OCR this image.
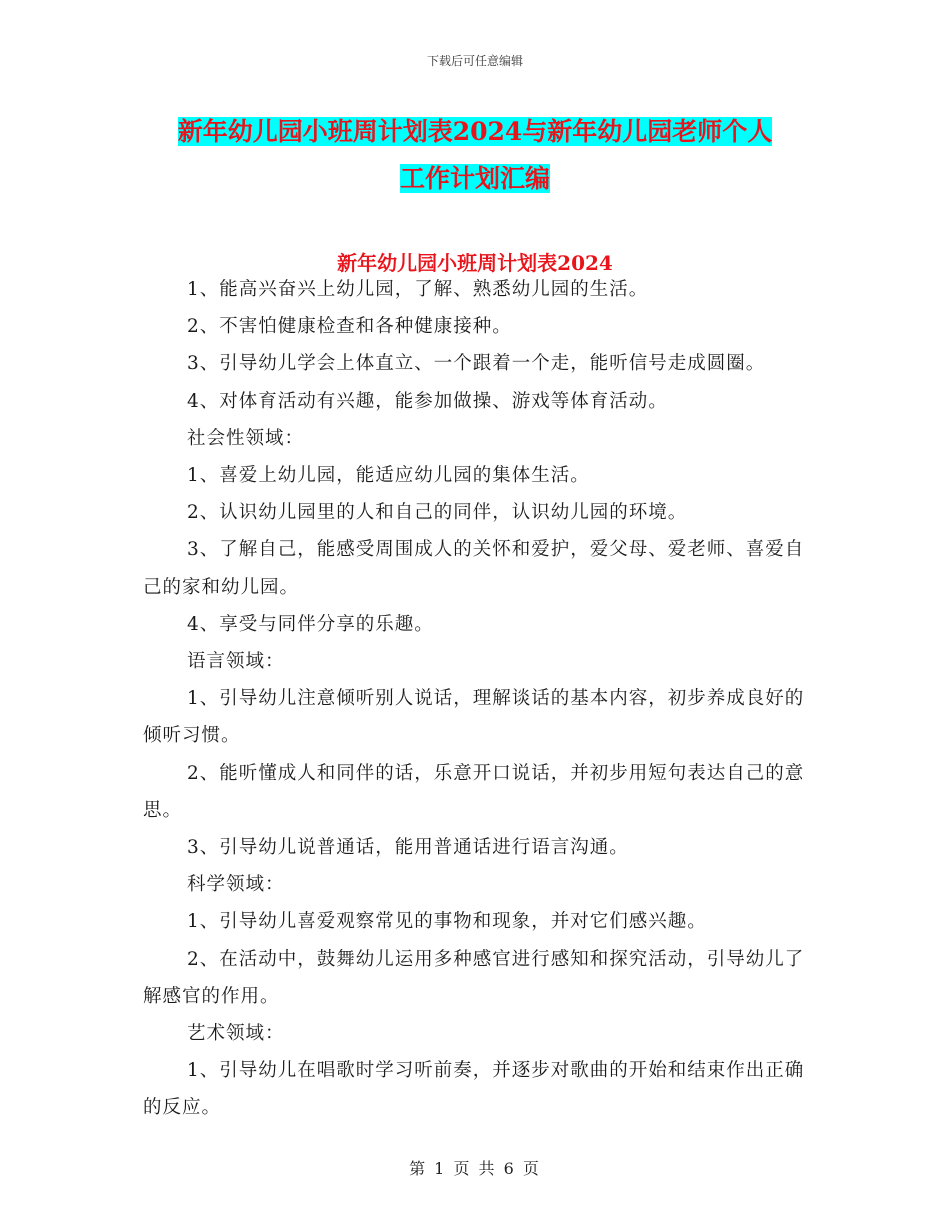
下载后可任意编辑
新年幼儿园小班周计划表2024与新年幼儿园老师个人
工作计划汇编
新年幼儿园小班周计划表2024

1、能高兴奋兴上幼儿园，了解、熟悉幼儿园的生活。

2、不害怕健康检查和各种健康接种。

3、引导幼儿学会上体直立、一个跟着一个走，能听信号走成圆圈。

4、对体育活动有兴趣，能参加做操、游戏等体育活动。

社会性领域：

1、喜爱上幼儿园，能适应幼儿园的集体生活。

2、认识幼儿园里的人和自己的同伴，认识幼儿园的环境。

3、了解自己，能感受周围成人的关怀和爱护，爱父母、爱老师、喜爱自己的家和幼儿园。

4、享受与同伴分享的乐趣。

语言领域：

1、引导幼儿注意倾听别人说话，理解谈话的基本内容，初步养成良好的倾听习惯。

2、能听懂成人和同伴的话，乐意开口说话，并初步用短句表达自己的意思。

3、引导幼儿说普通话，能用普通话进行语言沟通。

科学领域：

1、引导幼儿喜爱观察常见的事物和现象，并对它们感兴趣。

2、在活动中，鼓舞幼儿运用多种感官进行感知和探究活动，引导幼儿了解感官的作用。

艺术领域：

1、引导幼儿在唱歌时学习听前奏，并逐步对歌曲的开始和结束作出正确的反应。

第 1 页 共 6 页
